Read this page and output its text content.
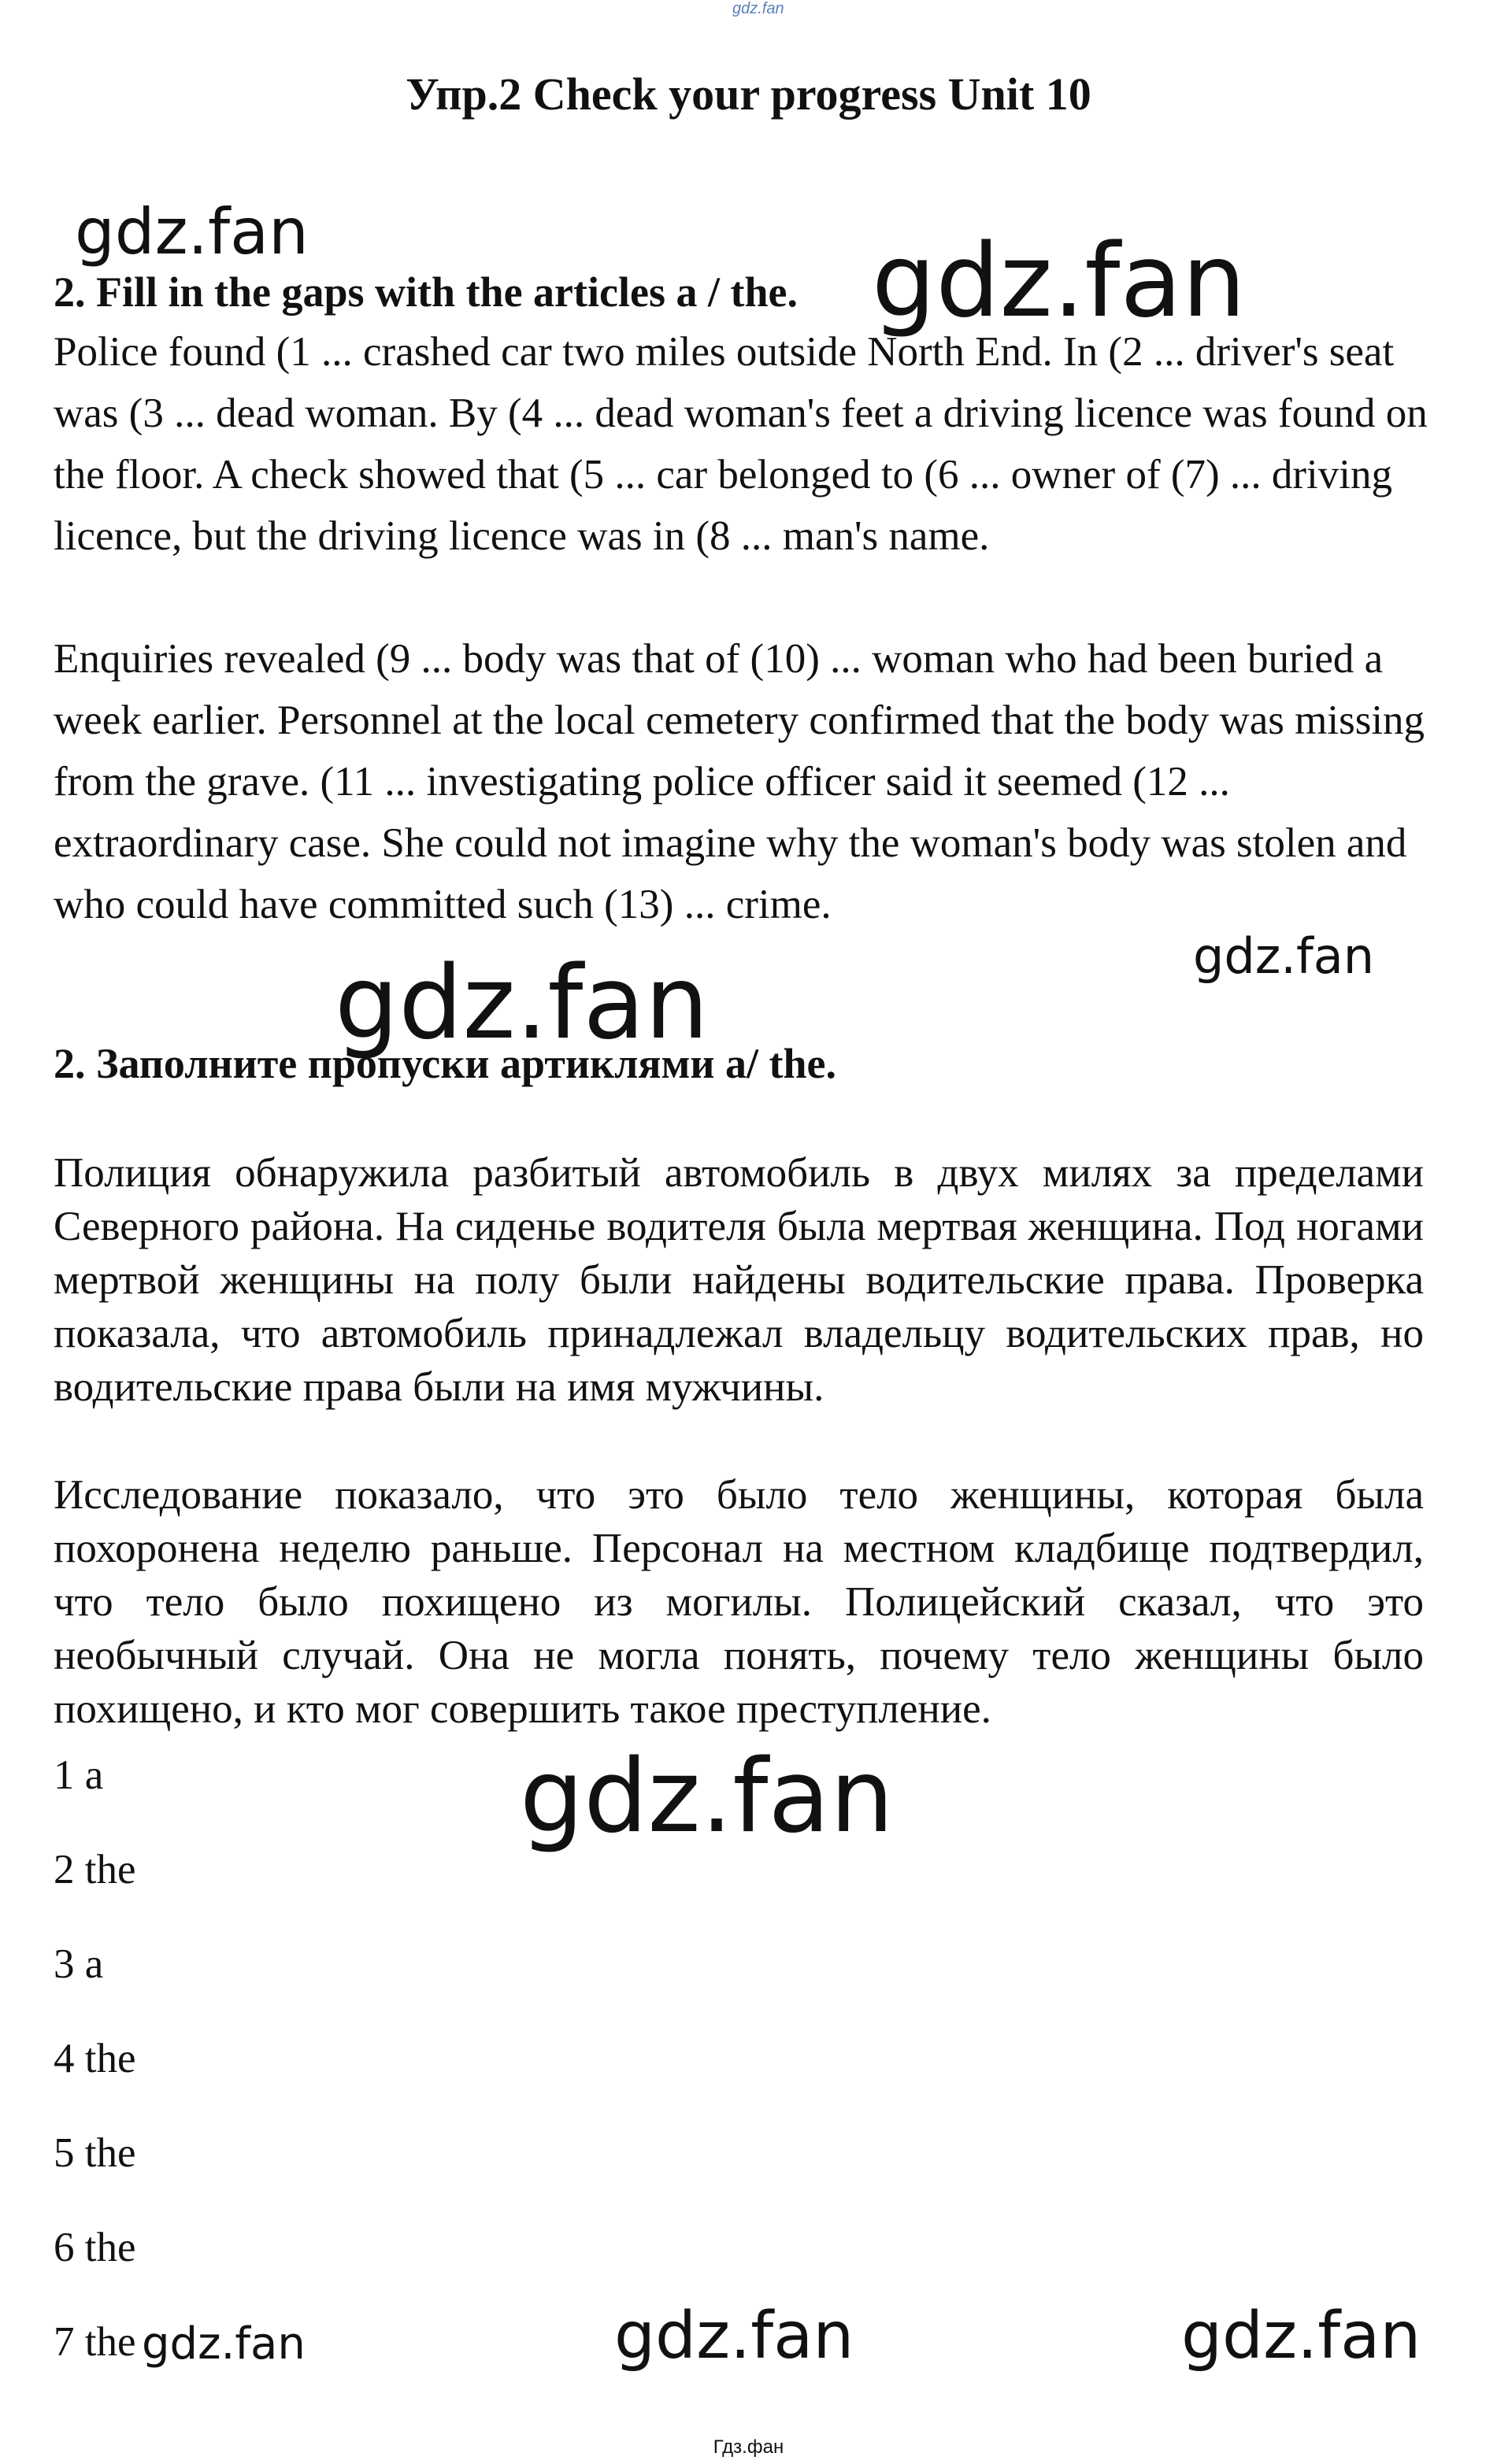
gdz.fan
Упр.2 Check your progress Unit 10
gdz.fan
2. Fill in the gaps with the articles a / the. gdz.fan
Police found (1 ... crashed car two miles outside North End. In (2 ... driver's seat was (3 ... dead woman. By (4 ... dead woman's feet a driving licence was found on the floor. A check showed that (5 ... car belonged to (6 ... owner of (7) ... driving licence, but the driving licence was in (8 ... man's name.
Enquiries revealed (9 ... body was that of (10) ... woman who had been buried a week earlier. Personnel at the local cemetery confirmed that the body was missing from the grave. (11 ... investigating police officer said it seemed (12 ... extraordinary case. She could not imagine why the woman's body was stolen and who could have committed such (13) ... crime.
gdz.fan
gdz.fan
2. Заполните пропуски артиклями a/ the.
Полиция обнаружила разбитый автомобиль в двух милях за пределами Северного района. На сиденье водителя была мертвая женщина. Под ногами мертвой женщины на полу были найдены водительские права. Проверка показала, что автомобиль принадлежал владельцу водительских прав, но водительские права были на имя мужчины.
Исследование показало, что это было тело женщины, которая была похоронена неделю раньше. Персонал на местном кладбище подтвердил, что тело было похищено из могилы. Полицейский сказал, что это необычный случай. Она не могла понять, почему тело женщины было похищено, и кто мог совершить такое преступление.
gdz.fan
1 a
2 the
3 a
4 the
5 the
6 the
7 the gdz.fan	gdz.fan	gdz.fan
Гдз.фан
